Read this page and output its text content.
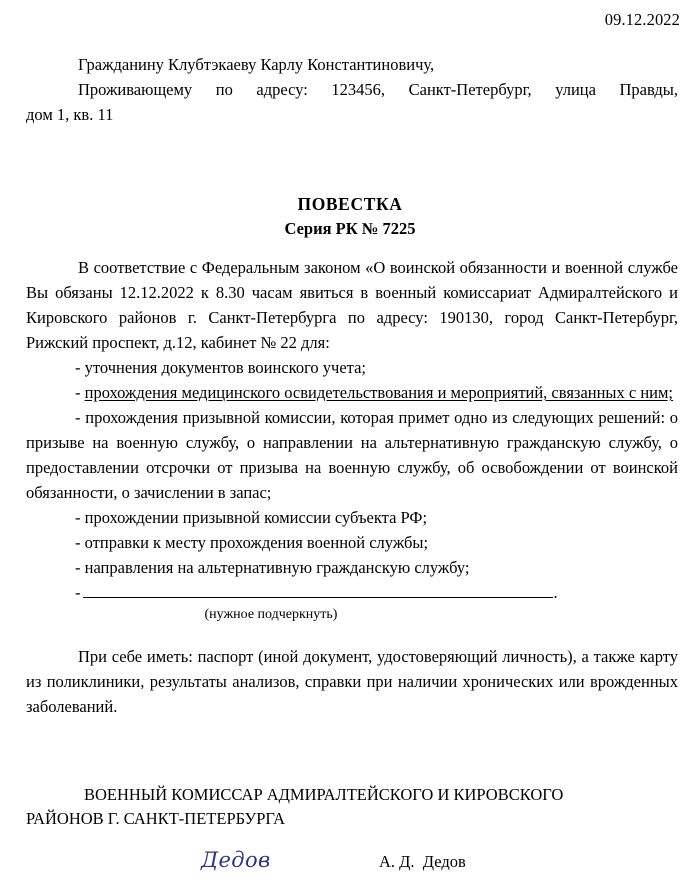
09.12.2022
Гражданину Клубтэкаеву Карлу Константиновичу,
Проживающему по адресу: 123456, Санкт-Петербург, улица Правды,
дом 1, кв. 11
ПОВЕСТКА
Серия РК № 7225

В соответствие с Федеральным законом «О воинской обязанности и военной службе Вы обязаны 12.12.2022 к 8.30 часам явиться в военный комиссариат Адмиралтейского и Кировского районов г. Санкт-Петербурга по адресу: 190130, город Санкт-Петербург, Рижский проспект, д.12, кабинет № 22 для:

- уточнения документов воинского учета;
- прохождения медицинского освидетельствования и мероприятий, связанных с ним;
- прохождения призывной комиссии, которая примет одно из следующих решений: о призыве на военную службу, о направлении на альтернативную гражданскую службу, о предоставлении отсрочки от призыва на военную службу, об освобождении от воинской обязанности, о зачислении в запас;
- прохождении призывной комиссии субъекта РФ;
- отправки к месту прохождения военной службы;
- направления на альтернативную гражданскую службу;
-	.
(нужное подчеркнуть)

При себе иметь: паспорт (иной документ, удостоверяющий личность), а также карту из поликлиники, результаты анализов, справки при наличии хронических или врожденных заболеваний.

ВОЕННЫЙ КОМИССАР АДМИРАЛТЕЙСКОГО И КИРОВСКОГО
РАЙОНОВ Г. САНКТ-ПЕТЕРБУРГА
Дедов	А. Д.  Дедов
